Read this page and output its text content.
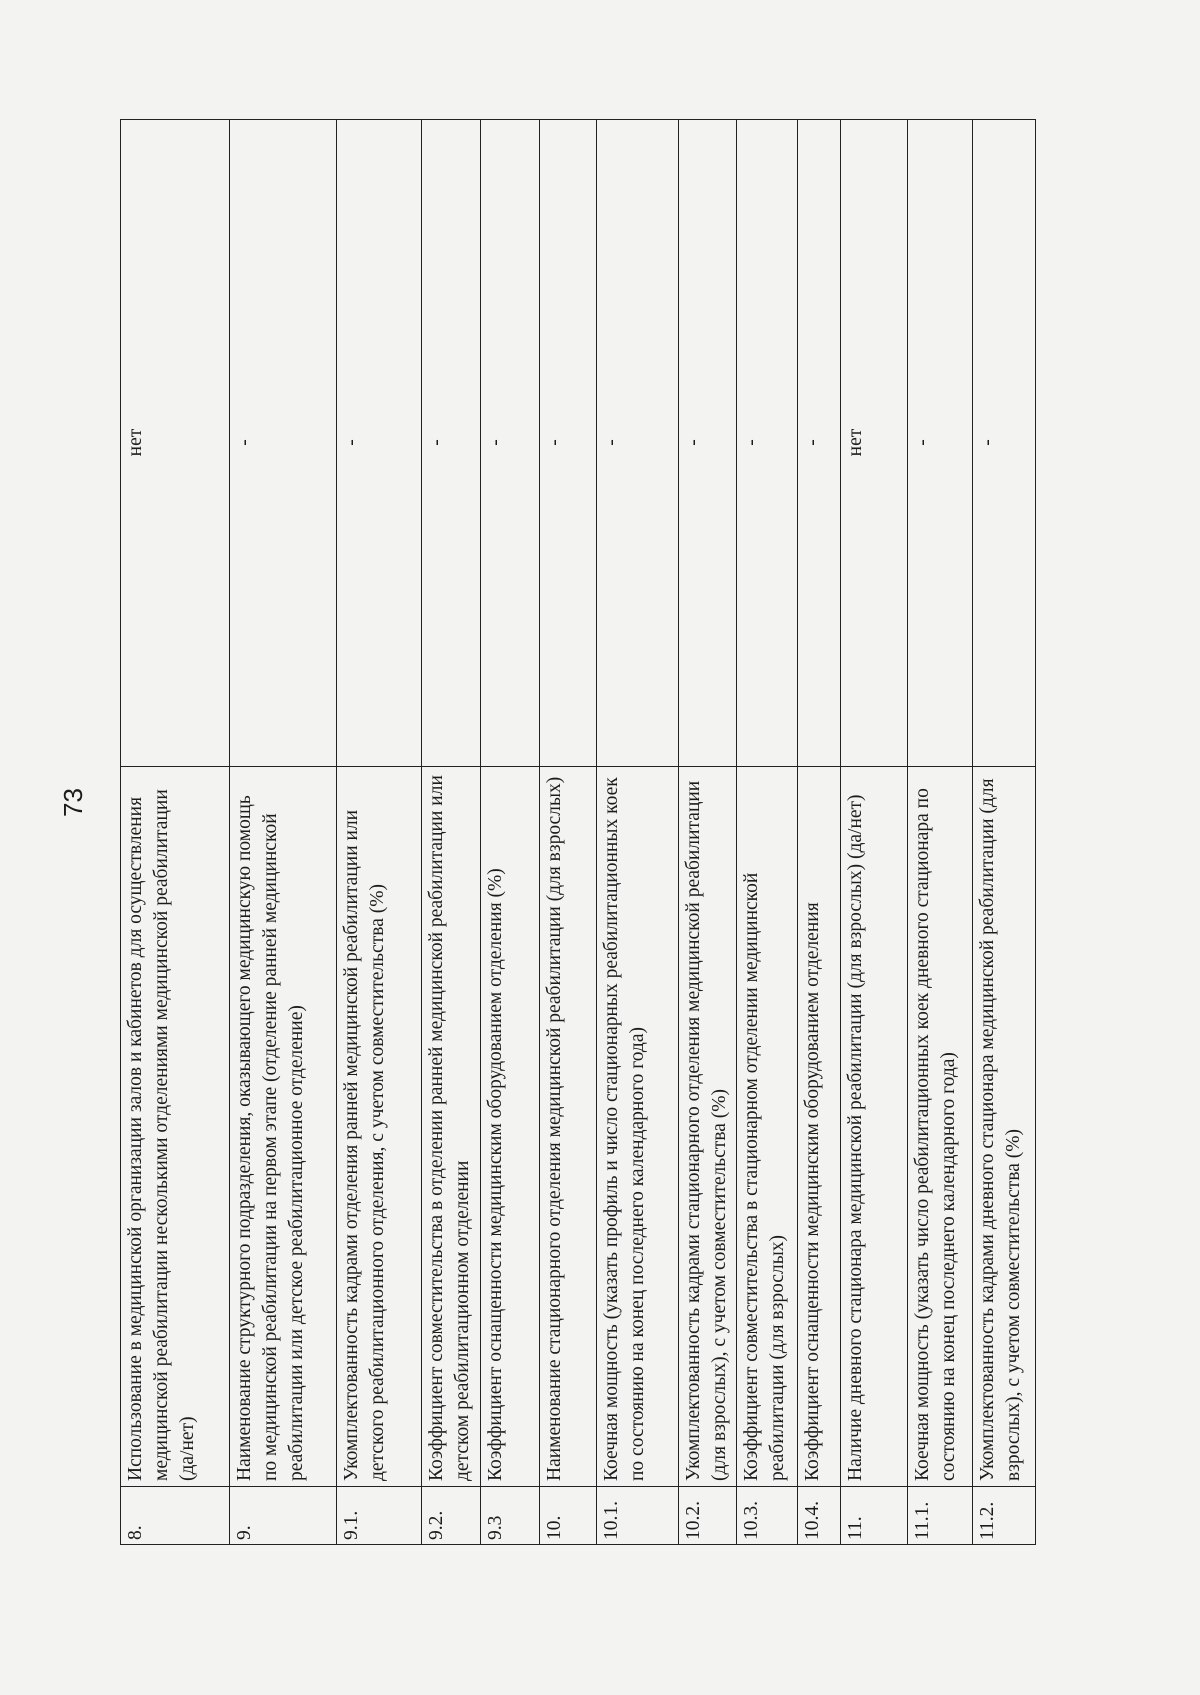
73
8.	Использование в медицинской организации залов и кабинетов для осуществления медицинской реабилитации несколькими отделениями медицинской реабилитации (да/нет)	нет
9.	Наименование структурного подразделения, оказывающего медицинскую помощь по медицинской реабилитации на первом этапе (отделение ранней медицинской реабилитации или детское реабилитационное отделение)	-
9.1.	Укомплектованность кадрами отделения ранней медицинской реабилитации или детского реабилитационного отделения, с учетом совместительства (%)	-
9.2.	Коэффициент совместительства в отделении ранней медицинской реабилитации или детском реабилитационном отделении	-
9.3	Коэффициент оснащенности медицинским оборудованием отделения (%)	-
10.	Наименование стационарного отделения медицинской реабилитации (для взрослых)	-
10.1.	Коечная мощность (указать профиль и число стационарных реабилитационных коек по состоянию на конец последнего календарного года)	-
10.2.	Укомплектованность кадрами стационарного отделения медицинской реабилитации (для взрослых), с учетом совместительства (%)	-
10.3.	Коэффициент совместительства в стационарном отделении медицинской реабилитации (для взрослых)	-
10.4.	Коэффициент оснащенности медицинским оборудованием отделения	-
11.	Наличие дневного стационара медицинской реабилитации (для взрослых) (да/нет)	нет
11.1.	Коечная мощность (указать число реабилитационных коек дневного стационара по состоянию на конец последнего календарного года)	-
11.2.	Укомплектованность кадрами дневного стационара медицинской реабилитации (для взрослых), с учетом совместительства (%)	-
